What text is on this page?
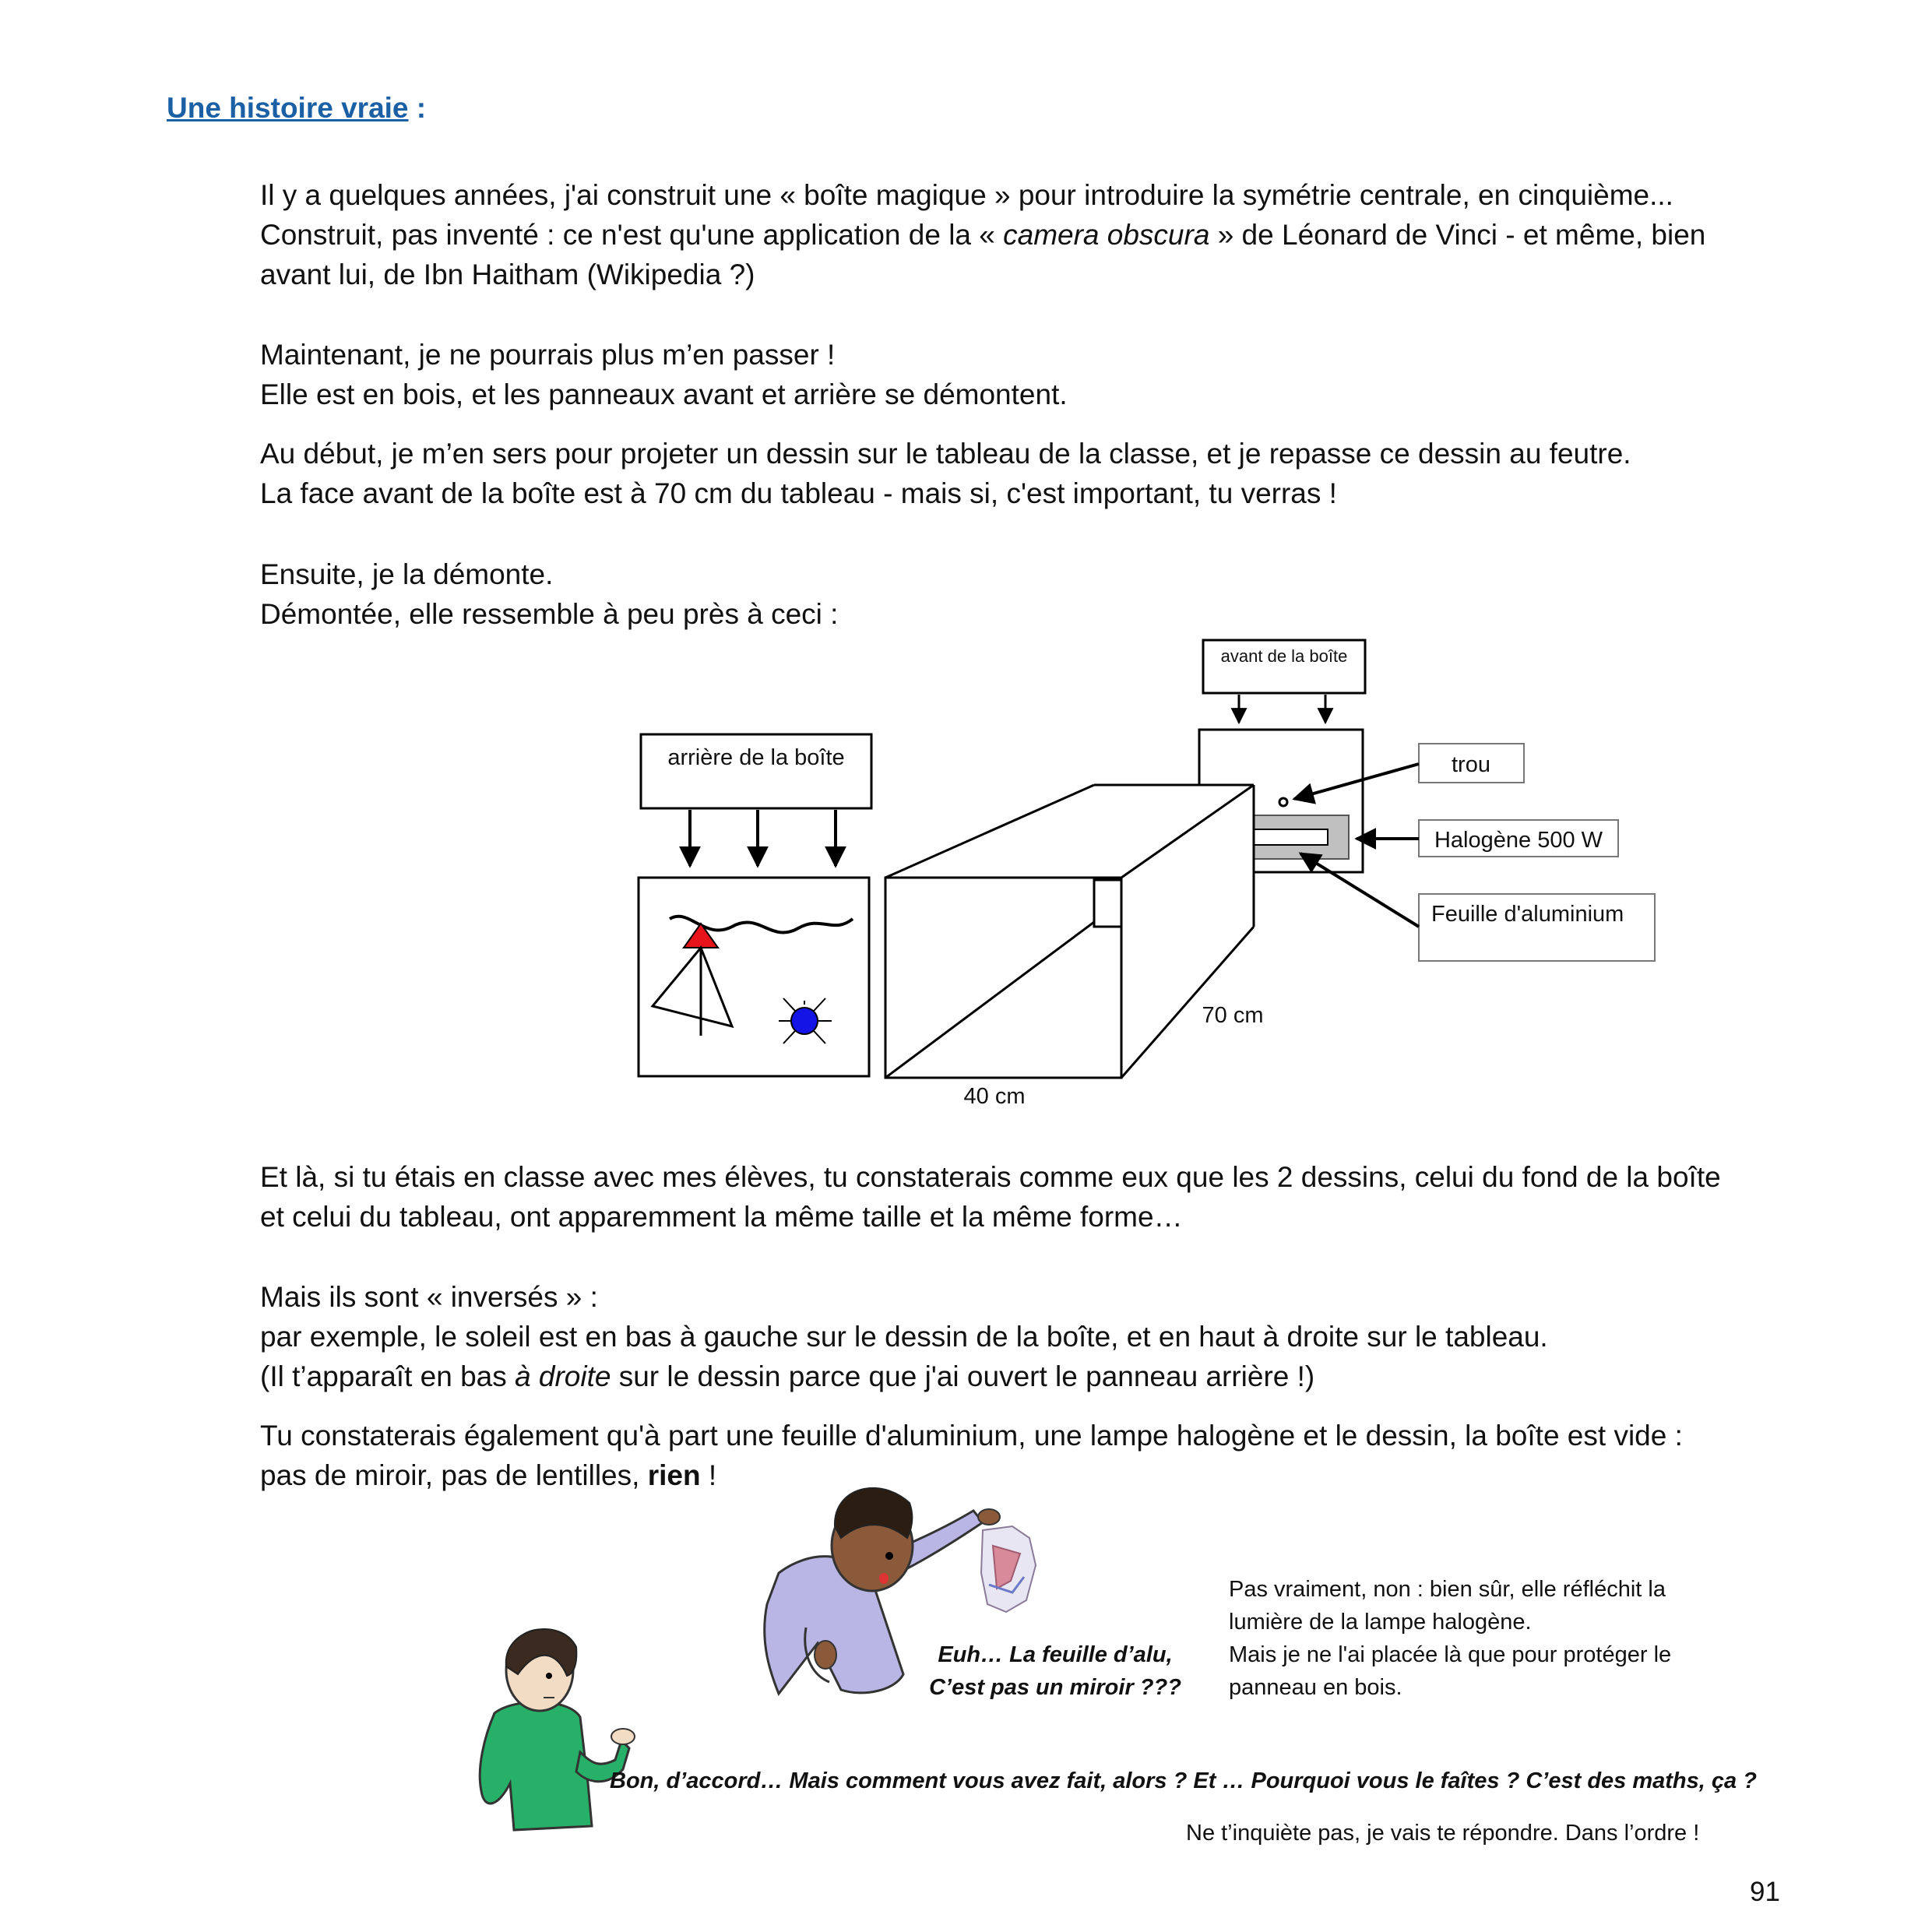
Une histoire vraie :
Il y a quelques années, j'ai construit une « boîte magique » pour introduire la symétrie centrale, en cinquième...
Construit, pas inventé : ce n'est qu'une application de la « camera obscura » de Léonard de Vinci - et même, bien
avant lui, de Ibn Haitham (Wikipedia ?)
Maintenant, je ne pourrais plus m’en passer !
Elle est en bois, et les panneaux avant et arrière se démontent.
Au début, je m’en sers pour projeter un dessin sur le tableau de la classe, et je repasse ce dessin au feutre.
La face avant de la boîte est à 70 cm du tableau - mais si, c'est important, tu verras !
Ensuite, je la démonte.
Démontée, elle ressemble à peu près à ceci :
arrière de la boîte
avant de la boîte
40 cm
70 cm
trou
Halogène 500 W
Feuille d'aluminium
Et là, si tu étais en classe avec mes élèves, tu constaterais comme eux que les 2 dessins, celui du fond de la boîte
et celui du tableau, ont apparemment la même taille et la même forme…
Mais ils sont « inversés » :
par exemple, le soleil est en bas à gauche sur le dessin de la boîte, et en haut à droite sur le tableau.
(Il t’apparaît en bas à droite sur le dessin parce que j'ai ouvert le panneau arrière !)
Tu constaterais également qu'à part une feuille d'aluminium, une lampe halogène et le dessin, la boîte est vide :
pas de miroir, pas de lentilles, rien !
Euh… La feuille d’alu,
C’est pas un miroir ???
Pas vraiment, non : bien sûr, elle réfléchit la
lumière de la lampe halogène.
Mais je ne l'ai placée là que pour protéger le
panneau en bois.
Bon, d’accord… Mais comment vous avez fait, alors ? Et … Pourquoi vous le faîtes ? C’est des maths, ça ?
Ne t’inquiète pas, je vais te répondre. Dans l’ordre !
91
